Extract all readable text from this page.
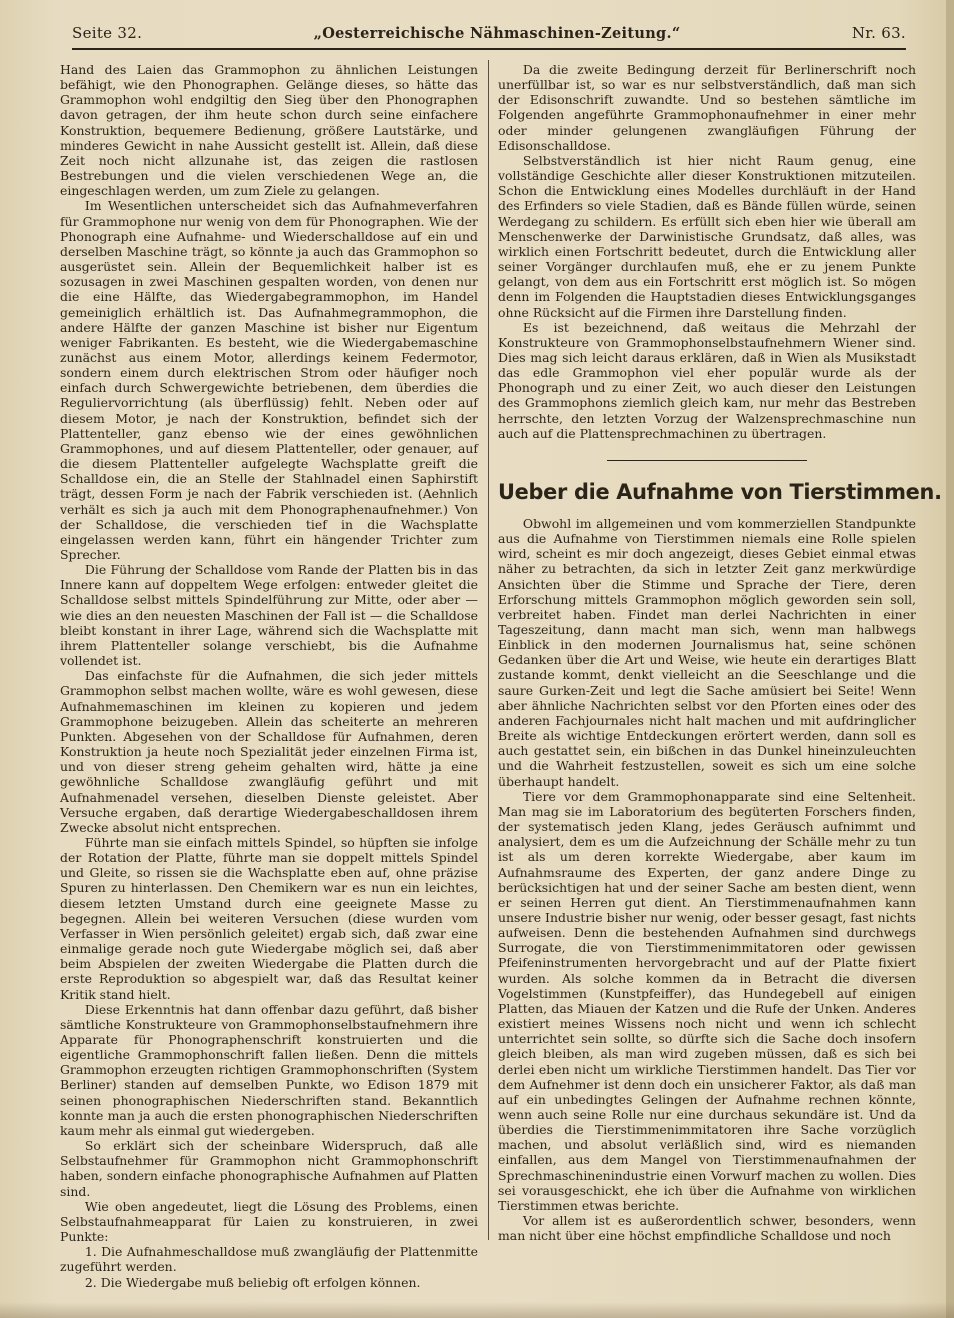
Seite 32.	„Oesterreichische Nähmaschinen-Zeitung.“	Nr. 63.

Hand des Laien das Grammophon zu ähnlichen Leistungen befähigt, wie den Phonographen. Gelänge dieses, so hätte das Grammophon wohl endgiltig den Sieg über den Phonographen davon getragen, der ihm heute schon durch seine einfachere Konstruktion, bequemere Bedienung, größere Lautstärke, und minderes Gewicht in nahe Aussicht gestellt ist. Allein, daß diese Zeit noch nicht allzunahe ist, das zeigen die rastlosen Bestrebungen und die vielen verschiedenen Wege an, die eingeschlagen werden, um zum Ziele zu gelangen.

Im Wesentlichen unterscheidet sich das Aufnahmeverfahren für Grammophone nur wenig von dem für Phonographen. Wie der Phonograph eine Aufnahme- und Wiederschalldose auf ein und derselben Maschine trägt, so könnte ja auch das Grammophon so ausgerüstet sein. Allein der Bequemlichkeit halber ist es sozusagen in zwei Maschinen gespalten worden, von denen nur die eine Hälfte, das Wiedergabegrammophon, im Handel gemeiniglich erhältlich ist. Das Aufnahmegrammophon, die andere Hälfte der ganzen Maschine ist bisher nur Eigentum weniger Fabrikanten. Es besteht, wie die Wiedergabemaschine zunächst aus einem Motor, allerdings keinem Federmotor, sondern einem durch elektrischen Strom oder häufiger noch einfach durch Schwergewichte betriebenen, dem überdies die Reguliervorrichtung (als überflüssig) fehlt. Neben oder auf diesem Motor, je nach der Konstruktion, befindet sich der Plattenteller, ganz ebenso wie der eines gewöhnlichen Grammophones, und auf diesem Plattenteller, oder genauer, auf die diesem Plattenteller aufgelegte Wachsplatte greift die Schalldose ein, die an Stelle der Stahlnadel einen Saphirstift trägt, dessen Form je nach der Fabrik verschieden ist. (Aehnlich verhält es sich ja auch mit dem Phonographenaufnehmer.) Von der Schalldose, die verschieden tief in die Wachsplatte eingelassen werden kann, führt ein hängender Trichter zum Sprecher.

Die Führung der Schalldose vom Rande der Platten bis in das Innere kann auf doppeltem Wege erfolgen: entweder gleitet die Schalldose selbst mittels Spindelführung zur Mitte, oder aber — wie dies an den neuesten Maschinen der Fall ist — die Schalldose bleibt konstant in ihrer Lage, während sich die Wachsplatte mit ihrem Plattenteller solange verschiebt, bis die Aufnahme vollendet ist.

Das einfachste für die Aufnahmen, die sich jeder mittels Grammophon selbst machen wollte, wäre es wohl gewesen, diese Aufnahmemaschinen im kleinen zu kopieren und jedem Grammophone beizugeben. Allein das scheiterte an mehreren Punkten. Abgesehen von der Schalldose für Aufnahmen, deren Konstruktion ja heute noch Spezialität jeder einzelnen Firma ist, und von dieser streng geheim gehalten wird, hätte ja eine gewöhnliche Schalldose zwangläufig geführt und mit Aufnahmenadel versehen, dieselben Dienste geleistet. Aber Versuche ergaben, daß derartige Wiedergabeschalldosen ihrem Zwecke absolut nicht entsprechen.

Führte man sie einfach mittels Spindel, so hüpften sie infolge der Rotation der Platte, führte man sie doppelt mittels Spindel und Gleite, so rissen sie die Wachsplatte eben auf, ohne präzise Spuren zu hinterlassen. Den Chemikern war es nun ein leichtes, diesem letzten Umstand durch eine geeignete Masse zu begegnen. Allein bei weiteren Versuchen (diese wurden vom Verfasser in Wien persönlich geleitet) ergab sich, daß zwar eine einmalige gerade noch gute Wiedergabe möglich sei, daß aber beim Abspielen der zweiten Wiedergabe die Platten durch die erste Reproduktion so abgespielt war, daß das Resultat keiner Kritik stand hielt.

Diese Erkenntnis hat dann offenbar dazu geführt, daß bisher sämtliche Konstrukteure von Grammophonselbstaufnehmern ihre Apparate für Phonographenschrift konstruierten und die eigentliche Grammophonschrift fallen ließen. Denn die mittels Grammophon erzeugten richtigen Grammophonschriften (System Berliner) standen auf demselben Punkte, wo Edison 1879 mit seinen phonographischen Niederschriften stand. Bekanntlich konnte man ja auch die ersten phonographischen Niederschriften kaum mehr als einmal gut wiedergeben.

So erklärt sich der scheinbare Widerspruch, daß alle Selbstaufnehmer für Grammophon nicht Grammophonschrift haben, sondern einfache phonographische Aufnahmen auf Platten sind.

Wie oben angedeutet, liegt die Lösung des Problems, einen Selbstaufnahmeapparat für Laien zu konstruieren, in zwei Punkte:

1. Die Aufnahmeschalldose muß zwangläufig der Plattenmitte zugeführt werden.

2. Die Wiedergabe muß beliebig oft erfolgen können.

Da die zweite Bedingung derzeit für Berlinerschrift noch unerfüllbar ist, so war es nur selbstverständlich, daß man sich der Edisonschrift zuwandte. Und so bestehen sämtliche im Folgenden angeführte Grammophonaufnehmer in einer mehr oder minder gelungenen zwangläufigen Führung der Edisonschalldose.

Selbstverständlich ist hier nicht Raum genug, eine vollständige Geschichte aller dieser Konstruktionen mitzuteilen. Schon die Entwicklung eines Modelles durchläuft in der Hand des Erfinders so viele Stadien, daß es Bände füllen würde, seinen Werdegang zu schildern. Es erfüllt sich eben hier wie überall am Menschenwerke der Darwinistische Grundsatz, daß alles, was wirklich einen Fortschritt bedeutet, durch die Entwicklung aller seiner Vorgänger durchlaufen muß, ehe er zu jenem Punkte gelangt, von dem aus ein Fortschritt erst möglich ist. So mögen denn im Folgenden die Hauptstadien dieses Entwicklungsganges ohne Rücksicht auf die Firmen ihre Darstellung finden.

Es ist bezeichnend, daß weitaus die Mehrzahl der Konstrukteure von Grammophonselbstaufnehmern Wiener sind. Dies mag sich leicht daraus erklären, daß in Wien als Musikstadt das edle Grammophon viel eher populär wurde als der Phonograph und zu einer Zeit, wo auch dieser den Leistungen des Grammophons ziemlich gleich kam, nur mehr das Bestreben herrschte, den letzten Vorzug der Walzensprechmaschine nun auch auf die Plattensprechmachinen zu übertragen.

Ueber die Aufnahme von Tierstimmen.

Obwohl im allgemeinen und vom kommerziellen Standpunkte aus die Aufnahme von Tierstimmen niemals eine Rolle spielen wird, scheint es mir doch angezeigt, dieses Gebiet einmal etwas näher zu betrachten, da sich in letzter Zeit ganz merkwürdige Ansichten über die Stimme und Sprache der Tiere, deren Erforschung mittels Grammophon möglich geworden sein soll, verbreitet haben. Findet man derlei Nachrichten in einer Tageszeitung, dann macht man sich, wenn man halbwegs Einblick in den modernen Journalismus hat, seine schönen Gedanken über die Art und Weise, wie heute ein derartiges Blatt zustande kommt, denkt vielleicht an die Seeschlange und die saure Gurken-Zeit und legt die Sache amüsiert bei Seite! Wenn aber ähnliche Nachrichten selbst vor den Pforten eines oder des anderen Fachjournales nicht halt machen und mit aufdringlicher Breite als wichtige Entdeckungen erörtert werden, dann soll es auch gestattet sein, ein bißchen in das Dunkel hineinzuleuchten und die Wahrheit festzustellen, soweit es sich um eine solche überhaupt handelt.

Tiere vor dem Grammophonapparate sind eine Seltenheit. Man mag sie im Laboratorium des begüterten Forschers finden, der systematisch jeden Klang, jedes Geräusch aufnimmt und analysiert, dem es um die Aufzeichnung der Schälle mehr zu tun ist als um deren korrekte Wiedergabe, aber kaum im Aufnahmsraume des Experten, der ganz andere Dinge zu berücksichtigen hat und der seiner Sache am besten dient, wenn er seinen Herren gut dient. An Tierstimmenaufnahmen kann unsere Industrie bisher nur wenig, oder besser gesagt, fast nichts aufweisen. Denn die bestehenden Aufnahmen sind durchwegs Surrogate, die von Tierstimmenimmitatoren oder gewissen Pfeifeninstrumenten hervorgebracht und auf der Platte fixiert wurden. Als solche kommen da in Betracht die diversen Vogelstimmen (Kunstpfeiffer), das Hundegebell auf einigen Platten, das Miauen der Katzen und die Rufe der Unken. Anderes existiert meines Wissens noch nicht und wenn ich schlecht unterrichtet sein sollte, so dürfte sich die Sache doch insofern gleich bleiben, als man wird zugeben müssen, daß es sich bei derlei eben nicht um wirkliche Tierstimmen handelt. Das Tier vor dem Aufnehmer ist denn doch ein unsicherer Faktor, als daß man auf ein unbedingtes Gelingen der Aufnahme rechnen könnte, wenn auch seine Rolle nur eine durchaus sekundäre ist. Und da überdies die Tierstimmenimmitatoren ihre Sache vorzüglich machen, und absolut verläßlich sind, wird es niemanden einfallen, aus dem Mangel von Tierstimmenaufnahmen der Sprechmaschinenindustrie einen Vorwurf machen zu wollen. Dies sei vorausgeschickt, ehe ich über die Aufnahme von wirklichen Tierstimmen etwas berichte.

Vor allem ist es außerordentlich schwer, besonders, wenn man nicht über eine höchst empfindliche Schalldose und noch
